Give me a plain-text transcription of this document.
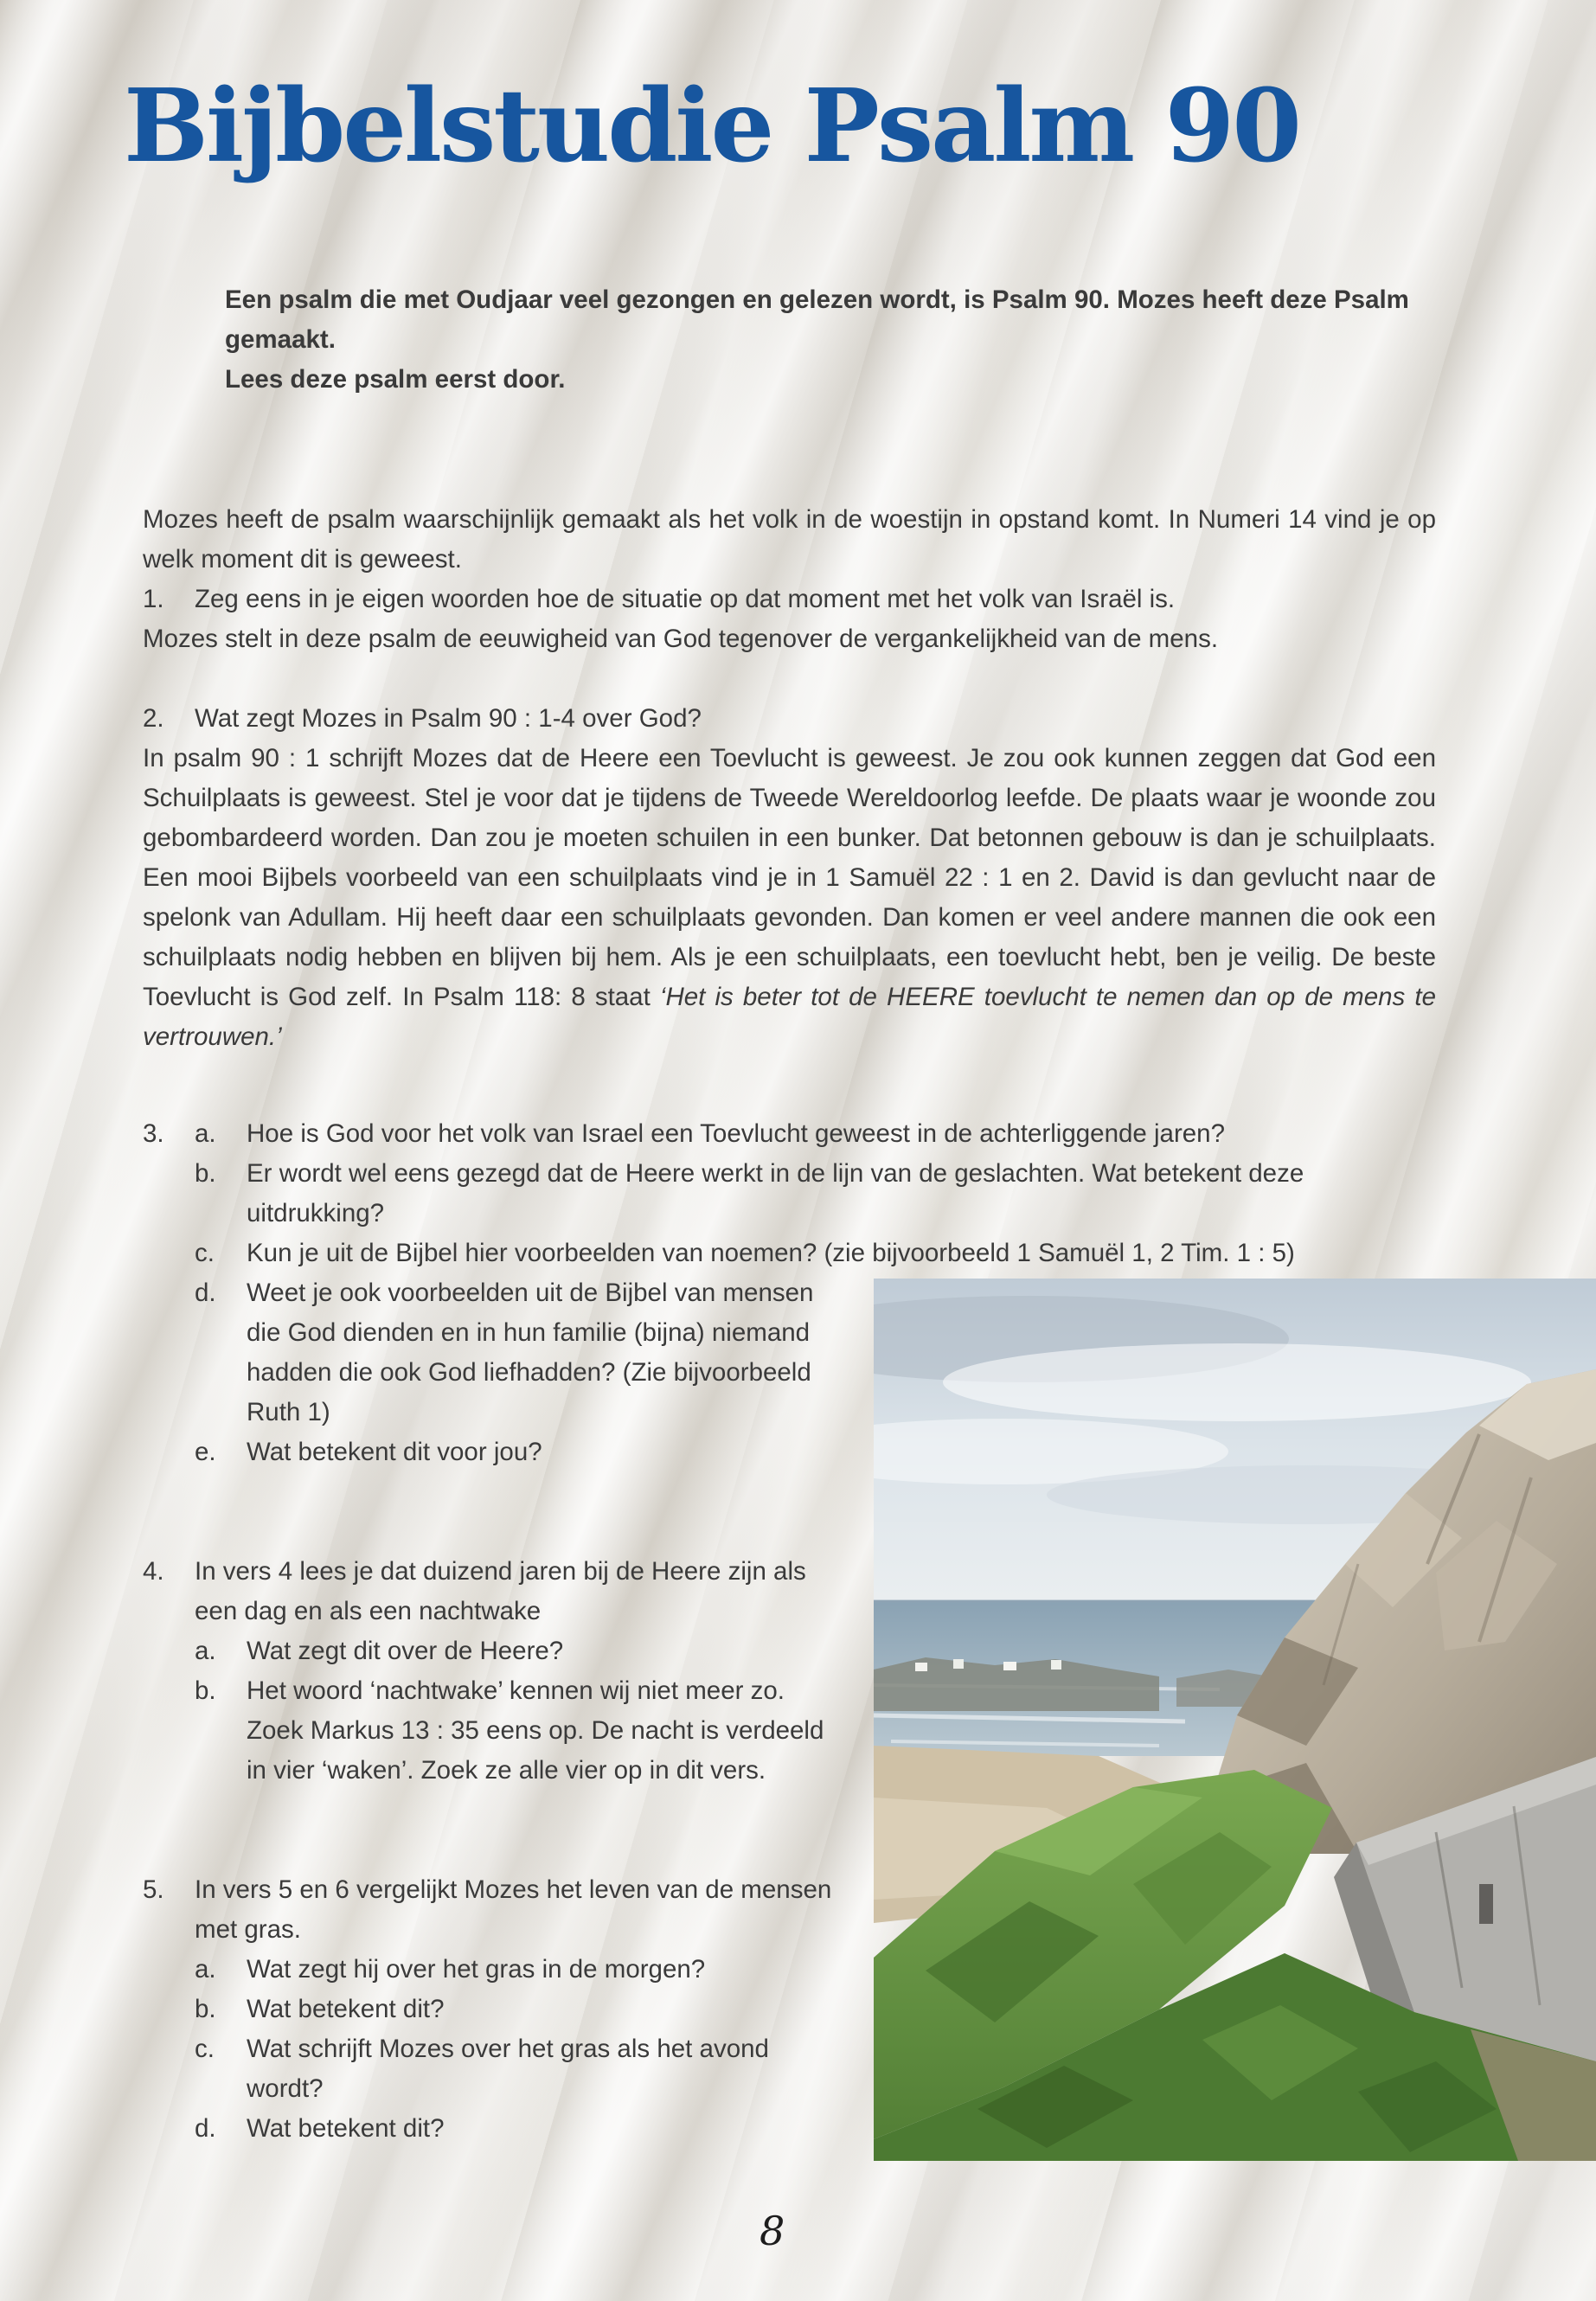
Bijbelstudie Psalm 90

Een psalm die met Oudjaar veel gezongen en gelezen wordt, is Psalm 90. Mozes heeft deze Psalm gemaakt.

Lees deze psalm eerst door.

Mozes heeft de psalm waarschijnlijk gemaakt als het volk in de woestijn in opstand komt. In Numeri 14 vind je op welk moment dit is geweest.

1. Zeg eens in je eigen woorden hoe de situatie op dat moment met het volk van Israël is.

Mozes stelt in deze psalm de eeuwigheid van God tegenover de vergankelijkheid van de mens.

2. Wat zegt Mozes in Psalm 90 : 1-4 over God?

In psalm 90 : 1 schrijft Mozes dat de Heere een Toevlucht is geweest. Je zou ook kunnen zeggen dat God een Schuilplaats is geweest. Stel je voor dat je tijdens de Tweede Wereldoorlog leefde. De plaats waar je woonde zou gebombardeerd worden. Dan zou je moeten schuilen in een bunker. Dat betonnen gebouw is dan je schuilplaats. Een mooi Bijbels voorbeeld van een schuilplaats vind je in 1 Samuël 22 : 1 en 2. David is dan gevlucht naar de spelonk van Adullam. Hij heeft daar een schuilplaats gevonden. Dan komen er veel andere mannen die ook een schuilplaats nodig hebben en blijven bij hem. Als je een schuilplaats, een toevlucht hebt, ben je veilig. De beste Toevlucht is God zelf. In Psalm 118: 8 staat ‘Het is beter tot de HEERE toevlucht te nemen dan op de mens te vertrouwen.’

3. a. Hoe is God voor het volk van Israel een Toevlucht geweest in de achterliggende jaren?
b. Er wordt wel eens gezegd dat de Heere werkt in de lijn van de geslachten. Wat betekent deze uitdrukking?
c. Kun je uit de Bijbel hier voorbeelden van noemen? (zie bijvoorbeeld 1 Samuël 1, 2 Tim. 1 : 5)
d. Weet je ook voorbeelden uit de Bijbel van mensen die God dienden en in hun familie (bijna) niemand hadden die ook God liefhadden? (Zie bijvoorbeeld Ruth 1)
e. Wat betekent dit voor jou?
4. In vers 4 lees je dat duizend jaren bij de Heere zijn als een dag en als een nachtwake
a. Wat zegt dit over de Heere?
b. Het woord ‘nachtwake’ kennen wij niet meer zo. Zoek Markus 13 : 35 eens op. De nacht is verdeeld in vier ‘waken’. Zoek ze alle vier op in dit vers.
5. In vers 5 en 6 vergelijkt Mozes het leven van de mensen met gras.
a. Wat zegt hij over het gras in de morgen?
b. Wat betekent dit?
c. Wat schrijft Mozes over het gras als het avond wordt?
d. Wat betekent dit?
8
